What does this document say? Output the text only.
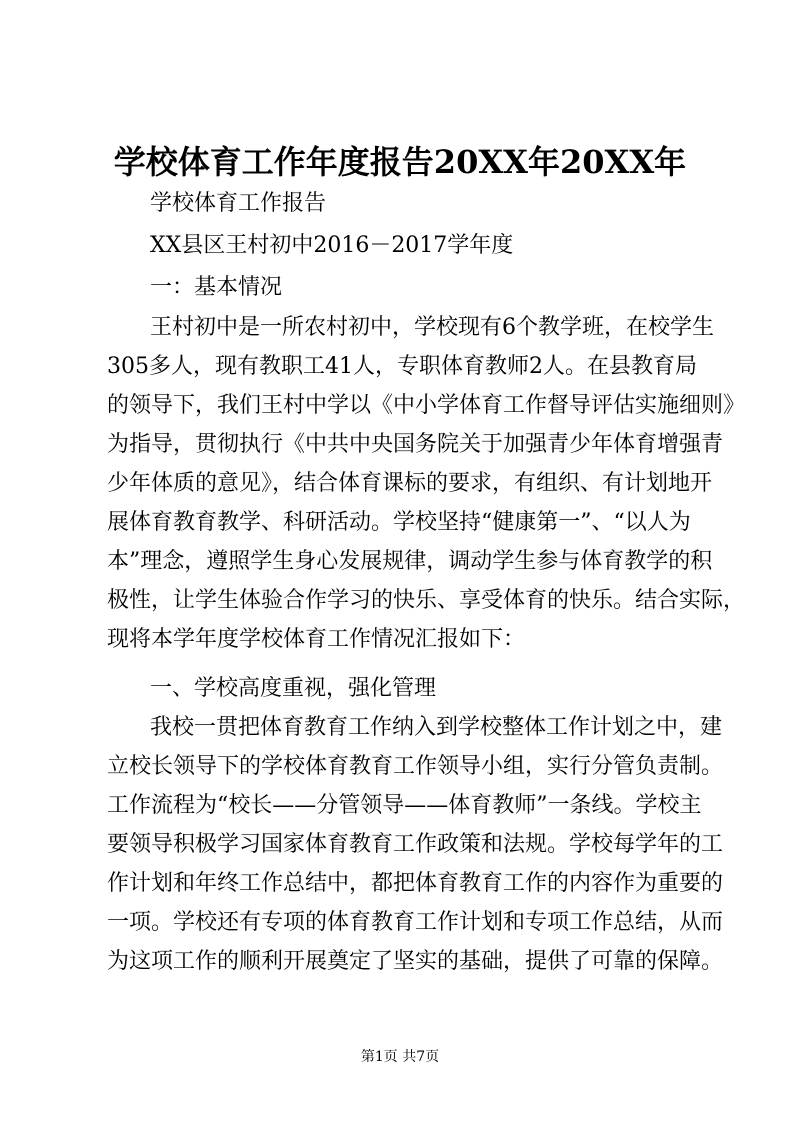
学校体育工作年度报告20XX年20XX年
学校体育工作报告
XX县区王村初中2016－2017学年度
一：基本情况
王村初中是一所农村初中，学校现有6个教学班，在校学生
305多人，现有教职工41人，专职体育教师2人。在县教育局
的领导下，我们王村中学以《中小学体育工作督导评估实施细则》
为指导，贯彻执行《中共中央国务院关于加强青少年体育增强青
少年体质的意见》，结合体育课标的要求，有组织、有计划地开
展体育教育教学、科研活动。学校坚持“健康第一”、“以人为
本”理念，遵照学生身心发展规律，调动学生参与体育教学的积
极性，让学生体验合作学习的快乐、享受体育的快乐。结合实际，
现将本学年度学校体育工作情况汇报如下：
一、学校高度重视，强化管理
我校一贯把体育教育工作纳入到学校整体工作计划之中，建
立校长领导下的学校体育教育工作领导小组，实行分管负责制。
工作流程为“校长——分管领导——体育教师”一条线。学校主
要领导积极学习国家体育教育工作政策和法规。学校每学年的工
作计划和年终工作总结中，都把体育教育工作的内容作为重要的
一项。学校还有专项的体育教育工作计划和专项工作总结，从而
为这项工作的顺利开展奠定了坚实的基础，提供了可靠的保障。
第1页 共7页
